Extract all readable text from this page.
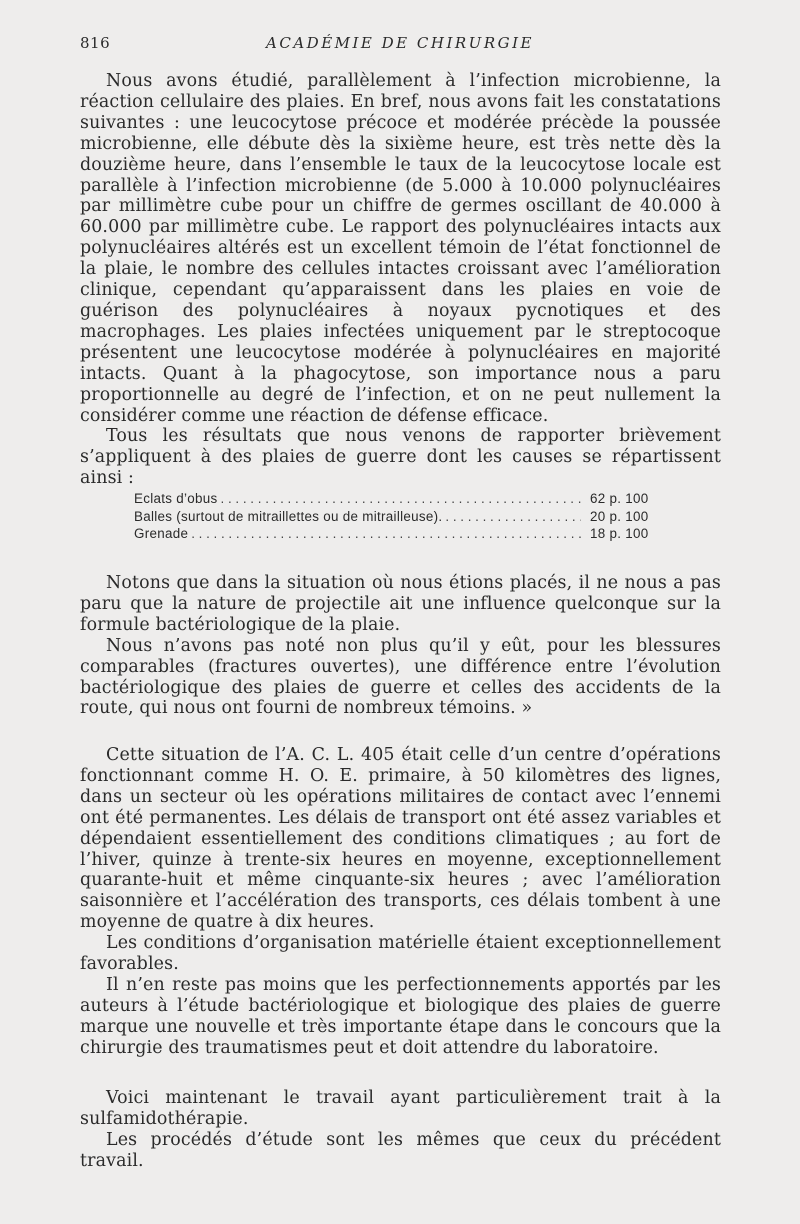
816	ACADÉMIE DE CHIRURGIE

Nous avons étudié, parallèlement à l’infection microbienne, la réaction cellulaire des plaies. En bref, nous avons fait les constatations suivantes : une leucocytose précoce et modérée précède la poussée microbienne, elle débute dès la sixième heure, est très nette dès la douzième heure, dans l’ensemble le taux de la leucocytose locale est parallèle à l’infection microbienne (de 5.000 à 10.000 polynucléaires par millimètre cube pour un chiffre de germes oscillant de 40.000 à 60.000 par millimètre cube. Le rapport des polynucléaires intacts aux polynucléaires altérés est un excellent témoin de l’état fonctionnel de la plaie, le nombre des cellules intactes croissant avec l’amélioration clinique, cependant qu’apparaissent dans les plaies en voie de guérison des polynucléaires à noyaux pycnotiques et des macrophages. Les plaies infectées uniquement par le streptocoque présentent une leucocytose modérée à polynucléaires en majorité intacts. Quant à la phagocytose, son importance nous a paru proportionnelle au degré de l’infection, et on ne peut nullement la considérer comme une réaction de défense efficace.

Tous les résultats que nous venons de rapporter brièvement s’appliquent à des plaies de guerre dont les causes se répartissent ainsi :

Eclats d’obus . . .	62 p. 100
Balles (surtout de mitraillettes ou de mitrailleuse). . . .	20 p. 100
Grenade . . .	18 p. 100

Notons que dans la situation où nous étions placés, il ne nous a pas paru que la nature de projectile ait une influence quelconque sur la formule bactériologique de la plaie.

Nous n’avons pas noté non plus qu’il y eût, pour les blessures comparables (fractures ouvertes), une différence entre l’évolution bactériologique des plaies de guerre et celles des accidents de la route, qui nous ont fourni de nombreux témoins. »

Cette situation de l’A. C. L. 405 était celle d’un centre d’opérations fonctionnant comme H. O. E. primaire, à 50 kilomètres des lignes, dans un secteur où les opérations militaires de contact avec l’ennemi ont été permanentes. Les délais de transport ont été assez variables et dépendaient essentiellement des conditions climatiques ; au fort de l’hiver, quinze à trente-six heures en moyenne, exceptionnellement quarante-huit et même cinquante-six heures ; avec l’amélioration saisonnière et l’accélération des transports, ces délais tombent à une moyenne de quatre à dix heures.

Les conditions d’organisation matérielle étaient exceptionnellement favorables.

Il n’en reste pas moins que les perfectionnements apportés par les auteurs à l’étude bactériologique et biologique des plaies de guerre marque une nouvelle et très importante étape dans le concours que la chirurgie des traumatismes peut et doit attendre du laboratoire.

Voici maintenant le travail ayant particulièrement trait à la sulfamidothérapie.

Les procédés d’étude sont les mêmes que ceux du précédent travail.
